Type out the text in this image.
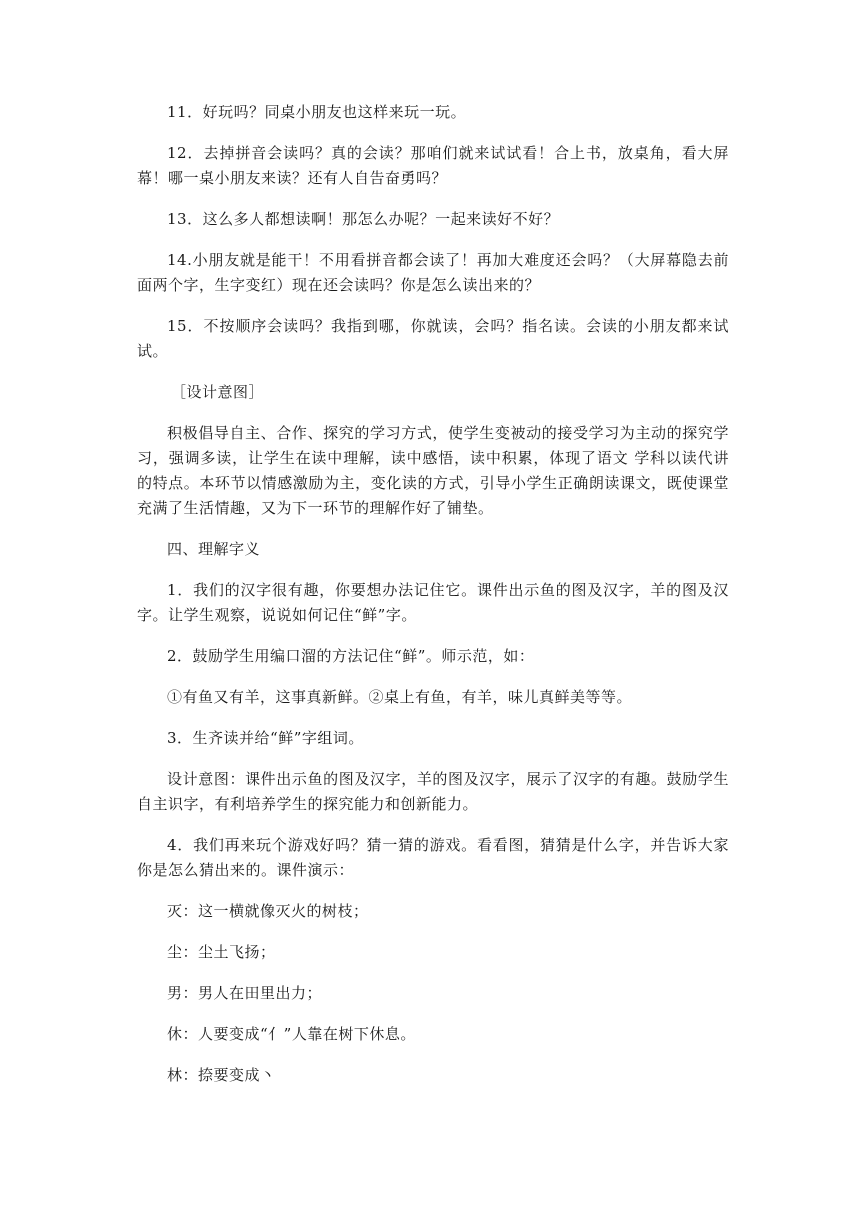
11．好玩吗？同桌小朋友也这样来玩一玩。

12．去掉拼音会读吗？真的会读？那咱们就来试试看！合上书，放桌角，看大屏幕！哪一桌小朋友来读？还有人自告奋勇吗？

13．这么多人都想读啊！那怎么办呢？一起来读好不好？

14.小朋友就是能干！不用看拼音都会读了！再加大难度还会吗？（大屏幕隐去前面两个字，生字变红）现在还会读吗？你是怎么读出来的？

15．不按顺序会读吗？我指到哪，你就读，会吗？指名读。会读的小朋友都来试试。

［设计意图］

积极倡导自主、合作、探究的学习方式，使学生变被动的接受学习为主动的探究学习，强调多读，让学生在读中理解，读中感悟，读中积累，体现了语文 学科以读代讲的特点。本环节以情感激励为主，变化读的方式，引导小学生正确朗读课文，既使课堂充满了生活情趣，又为下一环节的理解作好了铺垫。

四、理解字义

1．我们的汉字很有趣，你要想办法记住它。课件出示鱼的图及汉字，羊的图及汉字。让学生观察，说说如何记住“鲜”字。

2．鼓励学生用编口溜的方法记住“鲜”。师示范，如：

①有鱼又有羊，这事真新鲜。②桌上有鱼，有羊，味儿真鲜美等等。

3．生齐读并给“鲜”字组词。

设计意图：课件出示鱼的图及汉字，羊的图及汉字，展示了汉字的有趣。鼓励学生自主识字，有利培养学生的探究能力和创新能力。

4．我们再来玩个游戏好吗？猜一猜的游戏。看看图，猜猜是什么字，并告诉大家你是怎么猜出来的。课件演示：

灭：这一横就像灭火的树枝；

尘：尘土飞扬；

男：男人在田里出力；

休：人要变成“亻”人靠在树下休息。

林：捺要变成丶
